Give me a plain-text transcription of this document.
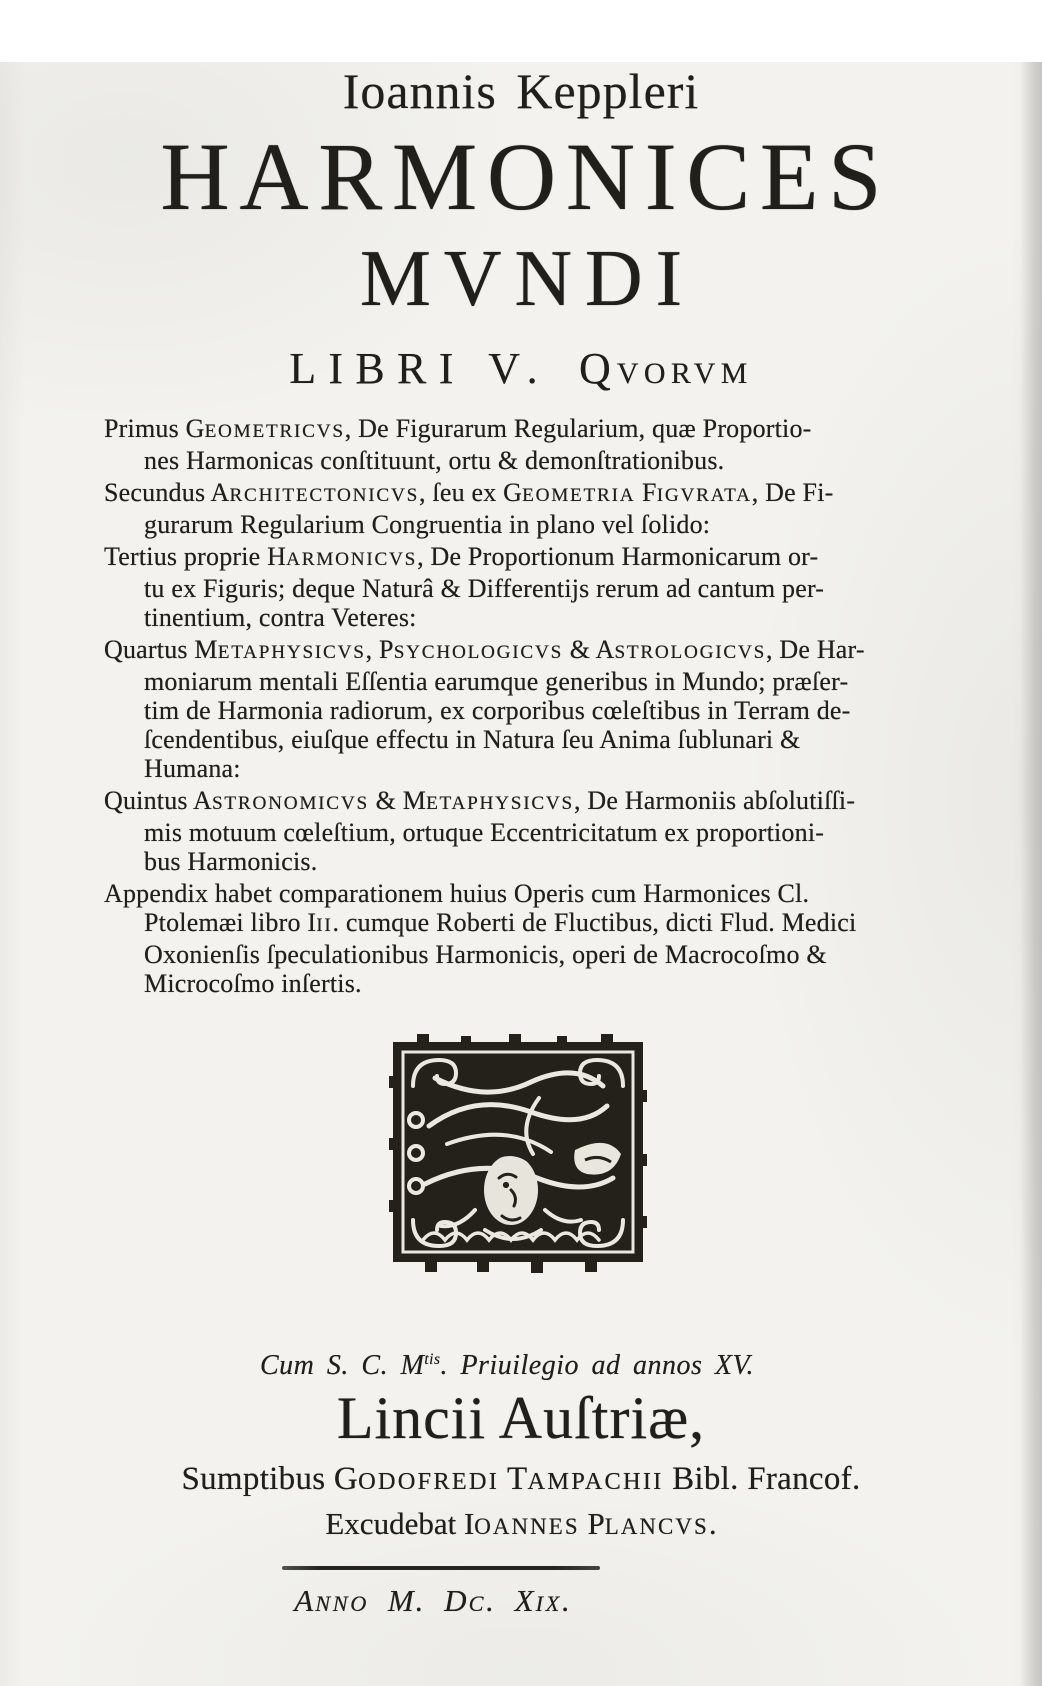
Ioannis Keppleri
HARMONICES
MVNDI
LIBRI V. QVORVM
Primus GEOMETRICVS, De Figurarum Regularium, quæ Proportio-
nes Harmonicas conſtituunt, ortu & demonſtrationibus.
Secundus ARCHITECTONICVS, ſeu ex GEOMETRIA FIGVRATA, De Fi-
gurarum Regularium Congruentia in plano vel ſolido:
Tertius proprie HARMONICVS, De Proportionum Harmonicarum or-
tu ex Figuris; deque Naturâ & Differentijs rerum ad cantum per-
tinentium, contra Veteres:
Quartus METAPHYSICVS, PSYCHOLOGICVS & ASTROLOGICVS, De Har-
moniarum mentali Eſſentia earumque generibus in Mundo; præſer-
tim de Harmonia radiorum, ex corporibus cœleſtibus in Terram de-
ſcendentibus, eiuſque effectu in Natura ſeu Anima ſublunari &
Humana:
Quintus ASTRONOMICVS & METAPHYSICVS, De Harmoniis abſolutiſſi-
mis motuum cœleſtium, ortuque Eccentricitatum ex proportioni-
bus Harmonicis.
Appendix habet comparationem huius Operis cum Harmonices Cl.
Ptolemæi libro III. cumque Roberti de Fluctibus, dicti Flud. Medici
Oxonienſis ſpeculationibus Harmonicis, operi de Macrocoſmo &
Microcoſmo inſertis.
Cum S. C. $M^{tis}$. Priuilegio ad annos XV.
Lincii Auſtriæ,
Sumptibus GODOFREDI TAMPACHII Bibl. Francof.
Excudebat IOANNES PLANCVS.
ANNO M. DC. XIX.
